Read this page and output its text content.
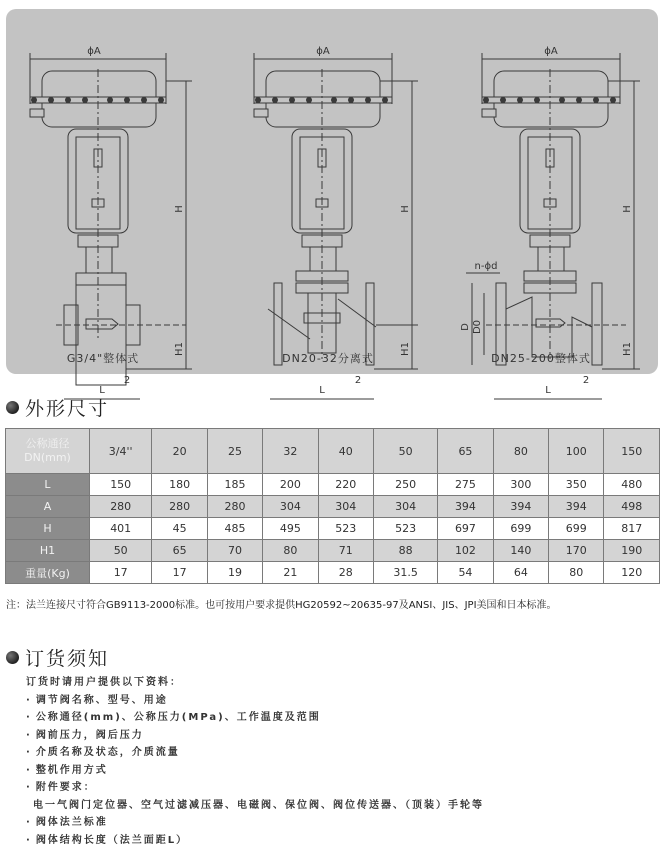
ϕA
H
H1
L
2
ϕA
H
H1
L
2
ϕA
D D0
n-ϕd
H
H1
L
2
G3/4"整体式	DN20-32分离式	DN25-200整体式
外形尺寸
公称通径
DN(mm)	3/4''	20	25	32	40	50	65	80	100	150
L	150	180	185	200	220	250	275	300	350	480
A	280	280	280	304	304	304	394	394	394	498
H	401	45	485	495	523	523	697	699	699	817
H1	50	65	70	80	71	88	102	140	170	190
重量(Kg)	17	17	19	21	28	31.5	54	64	80	120
注：法兰连接尺寸符合GB9113-2000标准。也可按用户要求提供HG20592~20635-97及ANSI、JIS、JPI美国和日本标准。
订货须知
订货时请用户提供以下资料：
· 调节阀名称、型号、用途
· 公称通径(mm)、公称压力(MPa)、工作温度及范围
· 阀前压力，阀后压力
· 介质名称及状态，介质流量
· 整机作用方式
· 附件要求：
电一气阀门定位器、空气过滤减压器、电磁阀、保位阀、阀位传送器、（顶装）手轮等
· 阀体法兰标准
· 阀体结构长度（法兰面距L）
